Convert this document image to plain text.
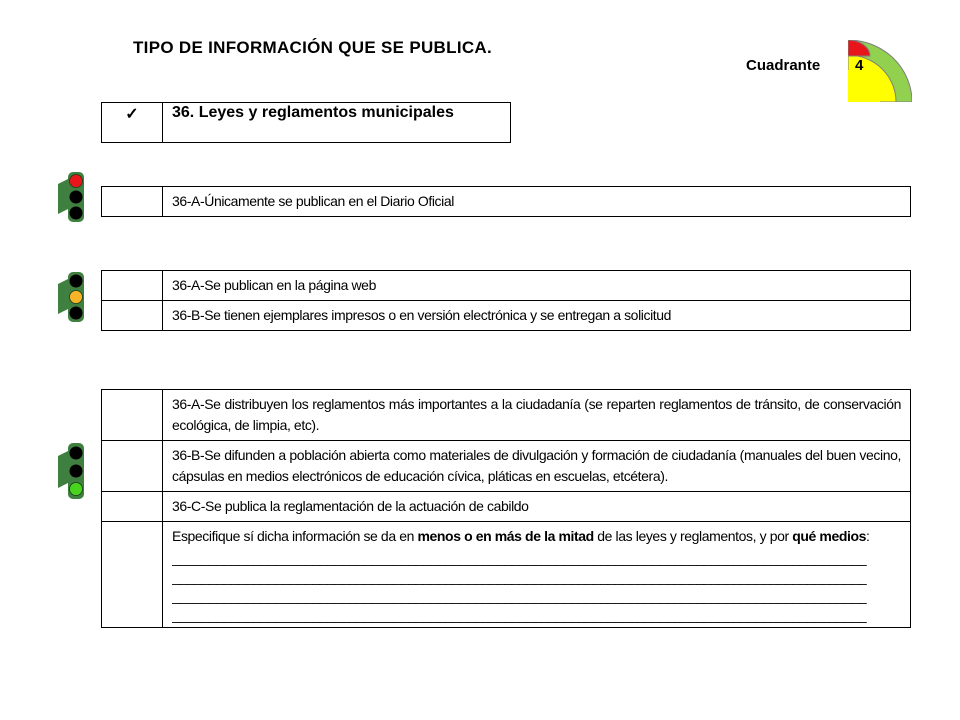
TIPO DE INFORMACIÓN QUE SE PUBLICA.
Cuadrante 4
✓	36. Leyes y reglamentos municipales
	36-A-Únicamente se publican en el Diario Oficial
	36-A-Se publican en la página web
	36-B-Se tienen ejemplares impresos o en versión electrónica y se entregan a solicitud
	36-A-Se distribuyen los reglamentos más importantes a la ciudadanía (se reparten reglamentos de tránsito, de conservación ecológica, de limpia, etc).
	36-B-Se difunden a población abierta como materiales de divulgación y formación de ciudadanía (manuales del buen vecino, cápsulas en medios electrónicos de educación cívica, pláticas en escuelas, etcétera).
	36-C-Se publica la reglamentación de la actuación de cabildo
	Especifique sí dicha información se da en menos o en más de la mitad de las leyes y reglamentos, y por qué medios:
______________________________________________________________________________________________
______________________________________________________________________________________________
______________________________________________________________________________________________
______________________________________________________________________________________________
